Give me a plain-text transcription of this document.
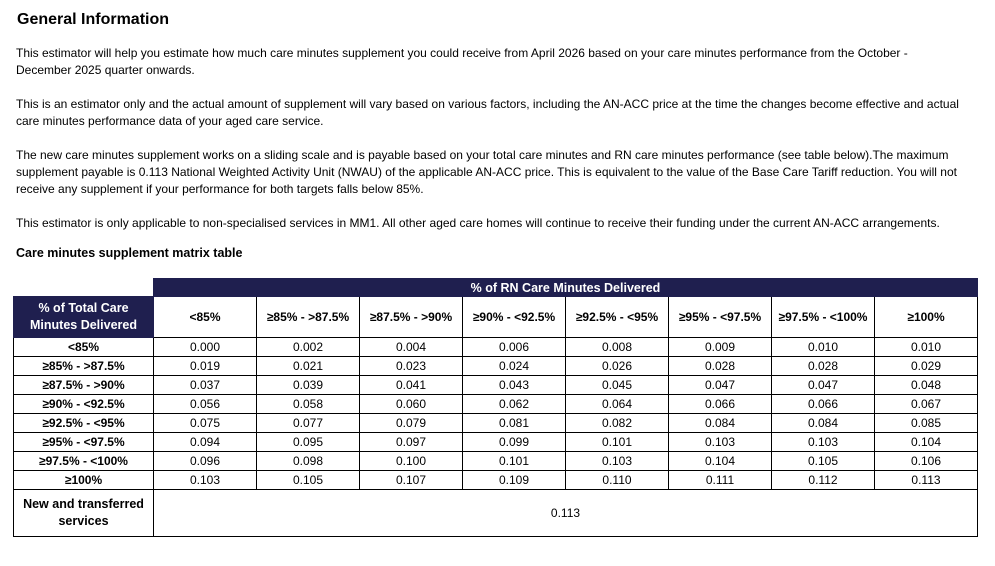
General Information

This estimator will help you estimate how much care minutes supplement you could receive from April 2026 based on your care minutes performance from the October - December 2025 quarter onwards.

This is an estimator only and the actual amount of supplement will vary based on various factors, including the AN-ACC price at the time the changes become effective and actual care minutes performance data of your aged care service.

The new care minutes supplement works on a sliding scale and is payable based on your total care minutes and RN care minutes performance (see table below).The maximum supplement payable is 0.113 National Weighted Activity Unit (NWAU) of the applicable AN-ACC price. This is equivalent to the value of the Base Care Tariff reduction. You will not receive any supplement if your performance for both targets falls below 85%.

This estimator is only applicable to non-specialised services in MM1. All other aged care homes will continue to receive their funding under the current AN-ACC arrangements.

Care minutes supplement matrix table
	% of RN Care Minutes Delivered							
% of Total Care Minutes Delivered	<85%	≥85% - >87.5%	≥87.5% - >90%	≥90% - <92.5%	≥92.5% - <95%	≥95% - <97.5%	≥97.5% - <100%	≥100%
<85%	0.000	0.002	0.004	0.006	0.008	0.009	0.010	0.010
≥85% - >87.5%	0.019	0.021	0.023	0.024	0.026	0.028	0.028	0.029
≥87.5% - >90%	0.037	0.039	0.041	0.043	0.045	0.047	0.047	0.048
≥90% - <92.5%	0.056	0.058	0.060	0.062	0.064	0.066	0.066	0.067
≥92.5% - <95%	0.075	0.077	0.079	0.081	0.082	0.084	0.084	0.085
≥95% - <97.5%	0.094	0.095	0.097	0.099	0.101	0.103	0.103	0.104
≥97.5% - <100%	0.096	0.098	0.100	0.101	0.103	0.104	0.105	0.106
≥100%	0.103	0.105	0.107	0.109	0.110	0.111	0.112	0.113
New and transferred services	0.113							
